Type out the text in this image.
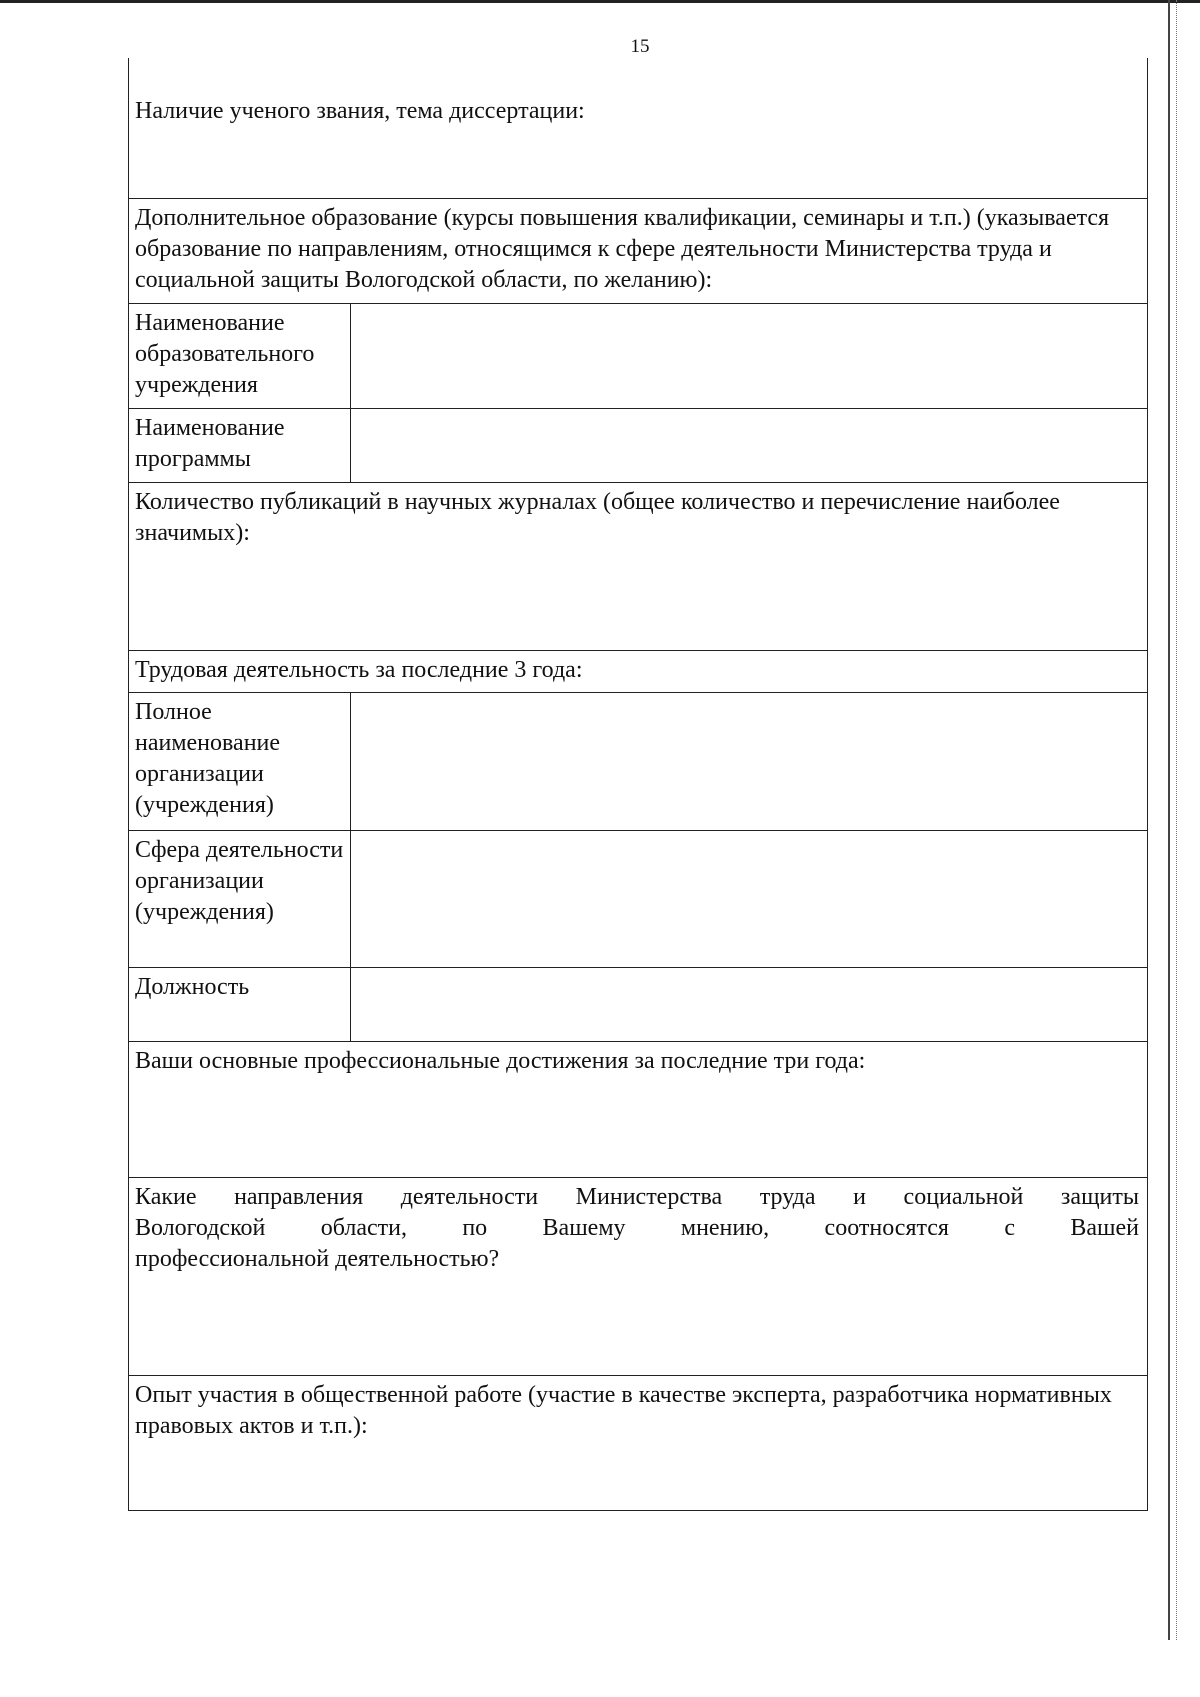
15
Наличие ученого звания, тема диссертации:
Дополнительное образование (курсы повышения квалификации, семинары и т.п.) (указывается образование по направлениям, относящимся к сфере деятельности Министерства труда и социальной защиты Вологодской области, по желанию):
Наименование образовательного учреждения
Наименование программы
Количество публикаций в научных журналах (общее количество и перечисление наиболее значимых):
Трудовая деятельность за последние 3 года:
Полное наименование организации (учреждения)
Сфера деятельности организации (учреждения)
Должность
Ваши основные профессиональные достижения за последние три года:
Какие направления деятельности Министерства труда и социальной защиты
Вологодской области, по Вашему мнению, соотносятся с Вашей
профессиональной деятельностью?
Опыт участия в общественной работе (участие в качестве эксперта, разработчика нормативных правовых актов и т.п.):
